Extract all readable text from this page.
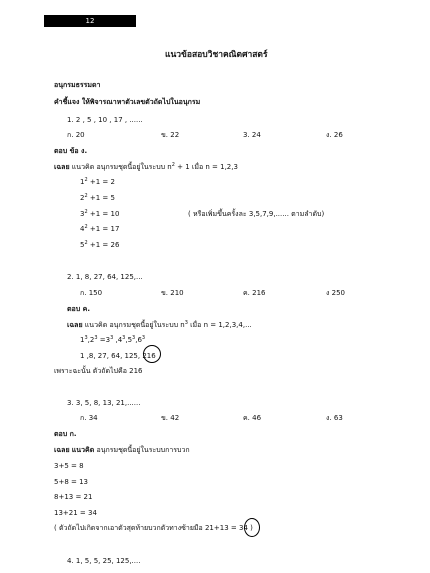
12
แนวข้อสอบวิชาคณิตศาสตร์
อนุกรมธรรมดา
คำชี้แจง ให้พิจารณาหาตัวเลขตัวถัดไปในอนุกรม
1. 2 , 5 , 10 , 17 , ......
ก. 20	ข. 22	3. 24	ง. 26
ตอบ ข้อ ง.
เฉลย แนวคิด อนุกรมชุดนี้อยู่ในระบบ $n^2 + 1$ เมื่อ n = 1,2,3
$1^2 +1 = 2$
$2^2 +1 = 5$
$3^2 +1 = 10$	( หรือเพิ่มขึ้นครั้งละ 3,5,7,9,...... ตามลำดับ)
$4^2 +1 = 17$
$5^2 +1 = 26$
2. 1, 8, 27, 64, 125,...
ก. 150	ข. 210	ค. 216	ง 250
ตอบ ค.
เฉลย แนวคิด อนุกรมชุดนี้อยู่ในระบบ $n^3$ เมื่อ n = 1,2,3,4,...
$1^3,2^3 =3^3$ $,4^3,5^3,6^3$
1 ,8, 27, 64, 125, 216
เพราะฉะนั้น ตัวถัดไปคือ 216
3. 3, 5, 8, 13, 21,......
ก. 34	ข. 42	ค. 46	ง. 63
ตอบ ก.
เฉลย แนวคิด อนุกรมชุดนี้อยู่ในระบบการบวก
3+5 = 8
5+8 = 13
8+13 = 21
13+21 = 34
( ตัวถัดไปเกิดจากเอาตัวสุดท้ายบวกตัวทางซ้ายมือ 21+13 = 34 )
4. 1, 5, 5, 25, 125,....
